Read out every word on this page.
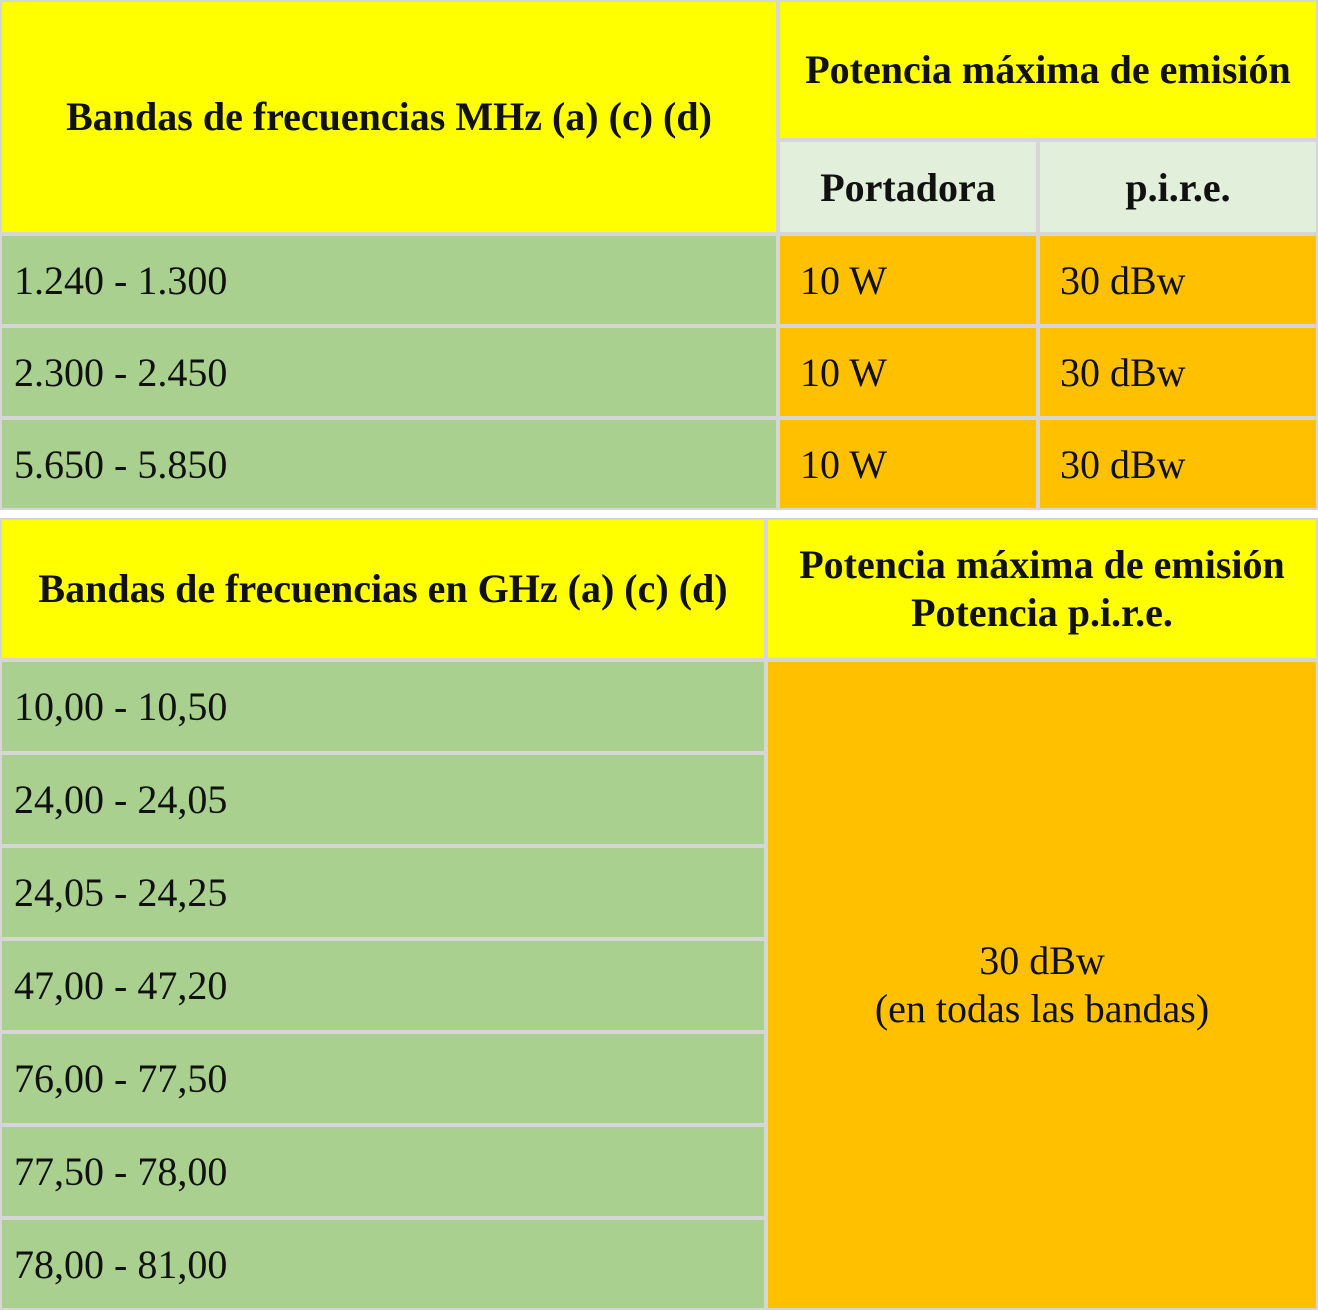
Bandas de frecuencias MHz (a) (c) (d)	Potencia máxima de emisión	
	Portadora	p.i.r.e.
1.240 - 1.300	10 W	30 dBw
2.300 - 2.450	10 W	30 dBw
5.650 - 5.850	10 W	30 dBw
Bandas de frecuencias en GHz (a) (c) (d)	Potencia máxima de emisión
Potencia p.i.r.e.

10,00 - 10,50	30 dBw
(en todas las bandas)

24,00 - 24,05	
24,05 - 24,25	
47,00 - 47,20	
76,00 - 77,50	
77,50 - 78,00	
78,00 - 81,00	
